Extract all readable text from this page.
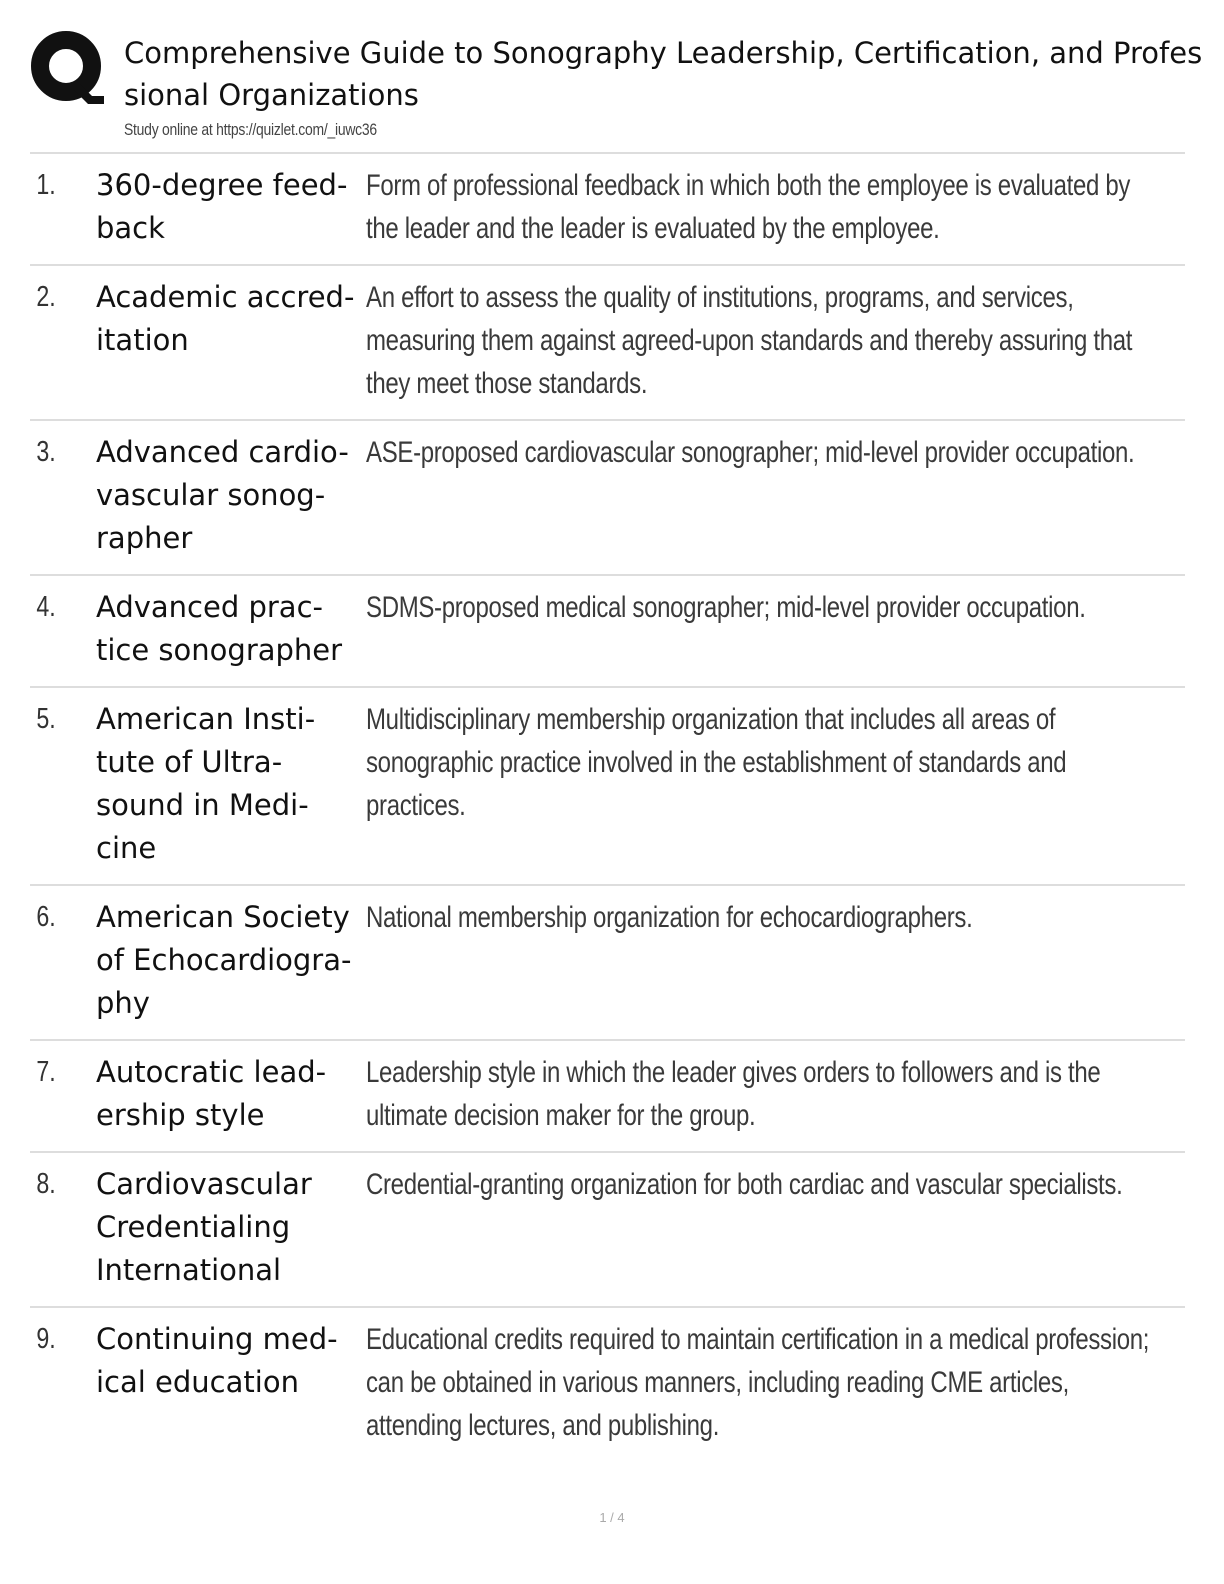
Comprehensive Guide to Sonography Leadership, Certification, and Professional Organizations
Study online at https://quizlet.com/_iuwc36
1.	360-degree feed-back
Form of professional feedback in which both the employee is evaluated by the leader and the leader is evaluated by the employee.
2.	Academic accred-itation
An effort to assess the quality of institutions, programs, and services, measuring them against agreed-upon standards and thereby assuring that they meet those standards.
3.	Advanced cardio-vascular sonog-rapher
ASE-proposed cardiovascular sonographer; mid-level provider occupation.
4.	Advanced prac-tice sonographer
SDMS-proposed medical sonographer; mid-level provider occupation.
5.	American Insti-tute of Ultra-sound in Medi-cine
Multidisciplinary membership organization that includes all areas of sonographic practice involved in the establishment of standards and practices.
6.	American Society of Echocardiogra-phy
National membership organization for echocardiographers.
7.	Autocratic lead-ership style
Leadership style in which the leader gives orders to followers and is the ultimate decision maker for the group.
8.	Cardiovascular Credentialing International
Credential-granting organization for both cardiac and vascular specialists.
9.	Continuing med-ical education
Educational credits required to maintain certification in a medical profession; can be obtained in various manners, including reading CME articles, attending lectures, and publishing.
1 / 4
